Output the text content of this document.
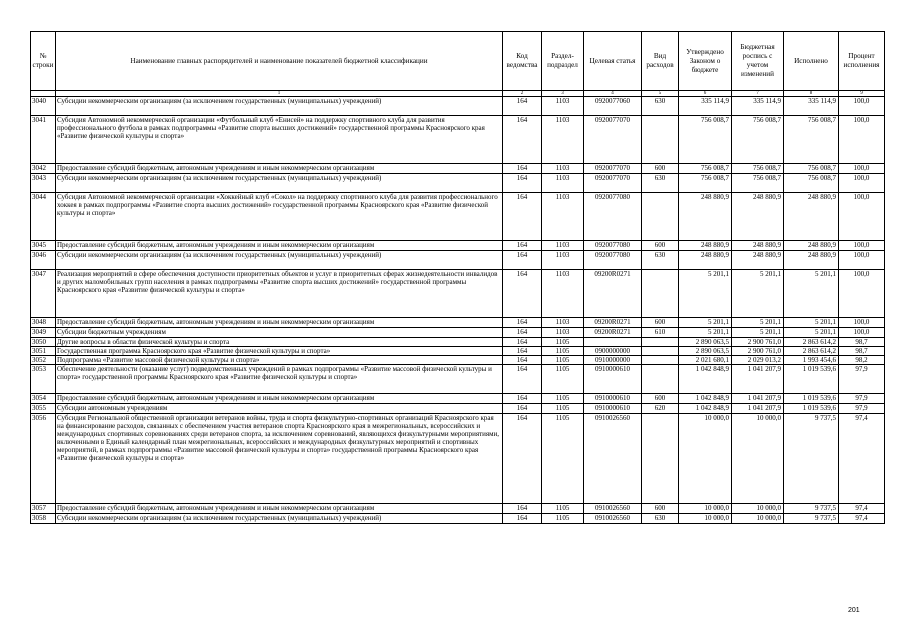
№ строки	Наименование главных распорядителей и наименование показателей бюджетной классификации	Код ведомства	Раздел-подраздел	Целевая статья	Вид расходов	Утверждено Законом о бюджете	Бюджетная роспись с учетом изменений	Исполнено	Процент исполнения
	1	2	3	4	5	6	7	8	9
3040	Субсидии некоммерческим организациям (за исключением государственных (муниципальных) учреждений)	164	1103	0920077060	630	335 114,9	335 114,9	335 114,9	100,0
3041	Субсидия Автономной некоммерческой организации «Футбольный клуб «Енисей» на поддержку спортивного клуба для развития профессионального футбола в рамках подпрограммы «Развитие спорта высших достижений» государственной программы Красноярского края «Развитие физической культуры и спорта»	164	1103	0920077070		756 008,7	756 008,7	756 008,7	100,0
3042	Предоставление субсидий бюджетным, автономным учреждениям и иным некоммерческим организациям	164	1103	0920077070	600	756 008,7	756 008,7	756 008,7	100,0
3043	Субсидии некоммерческим организациям (за исключением государственных (муниципальных) учреждений)	164	1103	0920077070	630	756 008,7	756 008,7	756 008,7	100,0
3044	Субсидия Автономной некоммерческой организации «Хоккейный клуб «Сокол» на поддержку спортивного клуба для развития профессионального хоккея в рамках подпрограммы «Развитие спорта высших достижений» государственной программы Красноярского края «Развитие физической культуры и спорта»	164	1103	0920077080		248 880,9	248 880,9	248 880,9	100,0
3045	Предоставление субсидий бюджетным, автономным учреждениям и иным некоммерческим организациям	164	1103	0920077080	600	248 880,9	248 880,9	248 880,9	100,0
3046	Субсидии некоммерческим организациям (за исключением государственных (муниципальных) учреждений)	164	1103	0920077080	630	248 880,9	248 880,9	248 880,9	100,0
3047	Реализация мероприятий в сфере обеспечения доступности приоритетных объектов и услуг в приоритетных сферах жизнедеятельности инвалидов и других маломобильных групп населения в рамках подпрограммы «Развитие спорта высших достижений» государственной программы Красноярского края «Развитие физической культуры и спорта»	164	1103	09200R0271		5 201,1	5 201,1	5 201,1	100,0
3048	Предоставление субсидий бюджетным, автономным учреждениям и иным некоммерческим организациям	164	1103	09200R0271	600	5 201,1	5 201,1	5 201,1	100,0
3049	Субсидии бюджетным учреждениям	164	1103	09200R0271	610	5 201,1	5 201,1	5 201,1	100,0
3050	Другие вопросы в области физической культуры и спорта	164	1105			2 890 063,5	2 900 761,0	2 863 614,2	98,7
3051	Государственная программа Красноярского края «Развитие физической культуры и спорта»	164	1105	0900000000		2 890 063,5	2 900 761,0	2 863 614,2	98,7
3052	Подпрограмма «Развитие массовой физической культуры и спорта»	164	1105	0910000000		2 021 680,1	2 029 013,2	1 993 454,6	98,2
3053	Обеспечение деятельности (оказание услуг) подведомственных учреждений в рамках подпрограммы «Развитие массовой физической культуры и спорта» государственной программы Красноярского края «Развитие физической культуры и спорта»	164	1105	0910000610		1 042 848,9	1 041 207,9	1 019 539,6	97,9
3054	Предоставление субсидий бюджетным, автономным учреждениям и иным некоммерческим организациям	164	1105	0910000610	600	1 042 848,9	1 041 207,9	1 019 539,6	97,9
3055	Субсидии автономным учреждениям	164	1105	0910000610	620	1 042 848,9	1 041 207,9	1 019 539,6	97,9
3056	Субсидия Региональной общественной организации ветеранов войны, труда и спорта физкультурно-спортивных организаций Красноярского края на финансирование расходов, связанных с обеспечением участия ветеранов спорта Красноярского края в межрегиональных, всероссийских и международных спортивных соревнованиях среди ветеранов спорта, за исключением соревнований, являющихся физкультурными мероприятиями, включенными в Единый календарный план межрегиональных, всероссийских и международных физкультурных мероприятий и спортивных мероприятий, в рамках подпрограммы «Развитие массовой физической культуры и спорта» государственной программы Красноярского края «Развитие физической культуры и спорта»	164	1105	0910026560		10 000,0	10 000,0	9 737,5	97,4
3057	Предоставление субсидий бюджетным, автономным учреждениям и иным некоммерческим организациям	164	1105	0910026560	600	10 000,0	10 000,0	9 737,5	97,4
3058	Субсидии некоммерческим организациям (за исключением государственных (муниципальных) учреждений)	164	1105	0910026560	630	10 000,0	10 000,0	9 737,5	97,4
201
